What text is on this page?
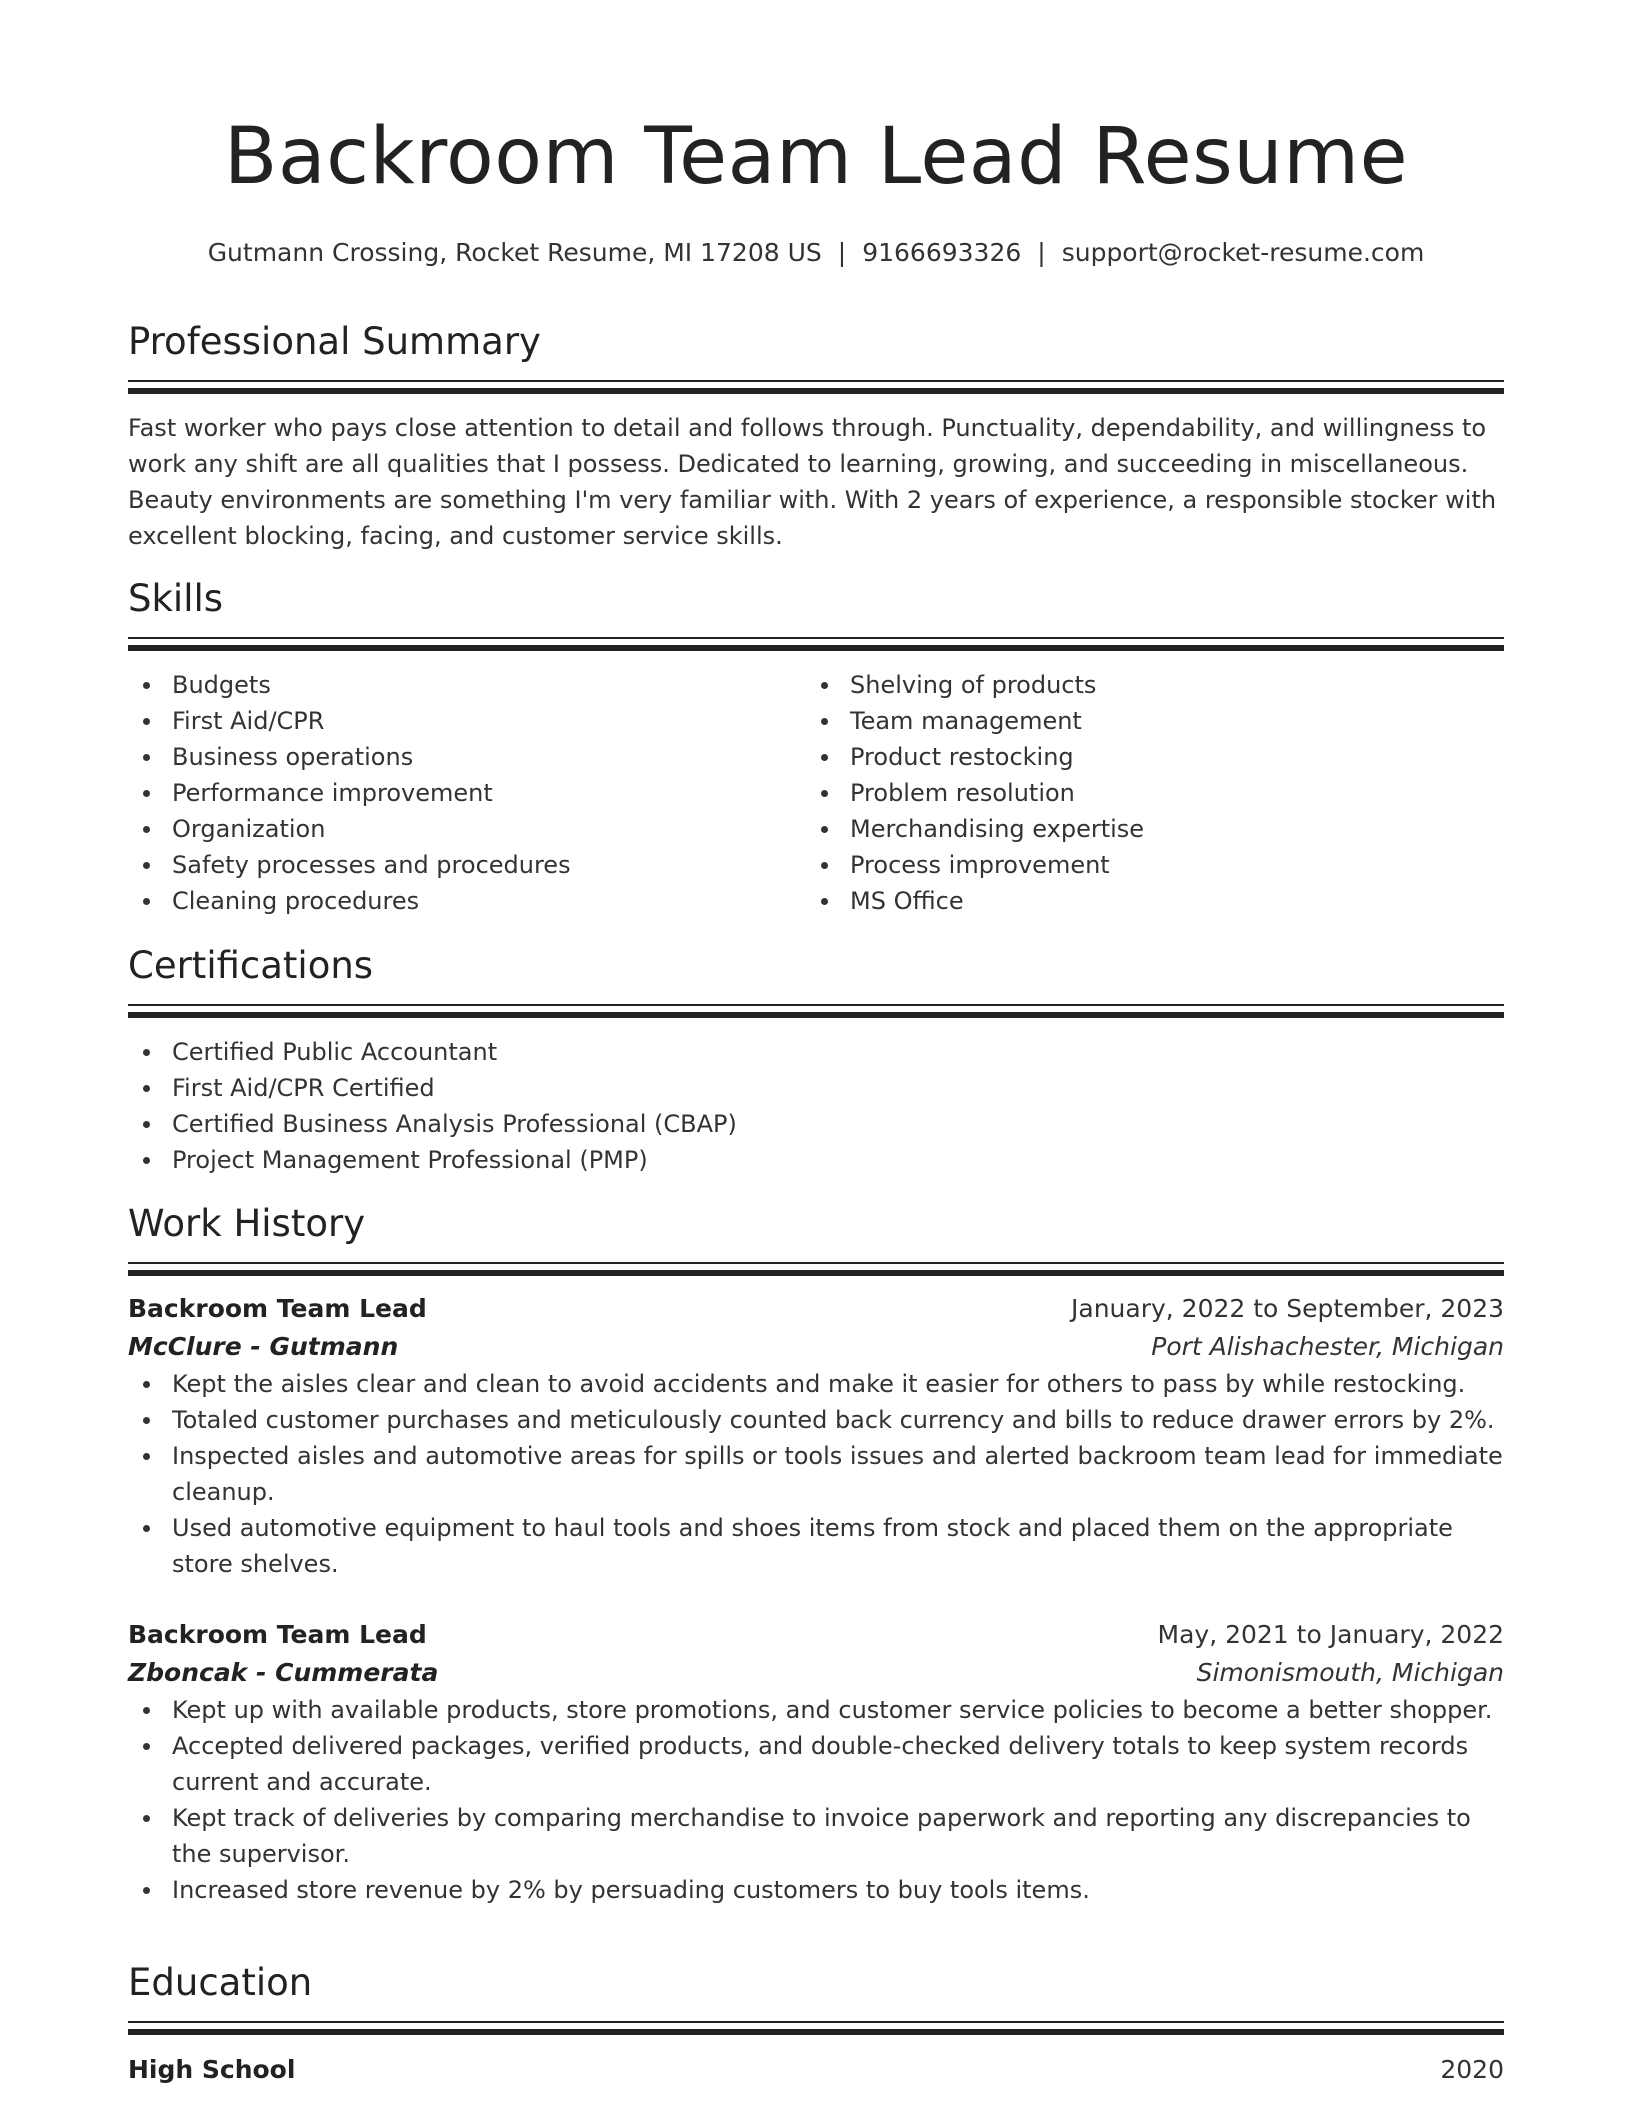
Backroom Team Lead Resume
Gutmann Crossing, Rocket Resume, MI 17208 US | 9166693326 | support@rocket-resume.com
Professional Summary

Fast worker who pays close attention to detail and follows through. Punctuality, dependability, and willingness to work any shift are all qualities that I possess. Dedicated to learning, growing, and succeeding in miscellaneous. Beauty environments are something I'm very familiar with. With 2 years of experience, a responsible stocker with excellent blocking, facing, and customer service skills.

Skills
Budgets
First Aid/CPR
Business operations
Performance improvement
Organization
Safety processes and procedures
Cleaning procedures
Shelving of products
Team management
Product restocking
Problem resolution
Merchandising expertise
Process improvement
MS Office
Certifications
Certified Public Accountant
First Aid/CPR Certified
Certified Business Analysis Professional (CBAP)
Project Management Professional (PMP)
Work History
Backroom Team Lead	January, 2022 to September, 2023
McClure - Gutmann	Port Alishachester, Michigan
Kept the aisles clear and clean to avoid accidents and make it easier for others to pass by while restocking.
Totaled customer purchases and meticulously counted back currency and bills to reduce drawer errors by 2%.
Inspected aisles and automotive areas for spills or tools issues and alerted backroom team lead for immediate cleanup.
Used automotive equipment to haul tools and shoes items from stock and placed them on the appropriate store shelves.
Backroom Team Lead	May, 2021 to January, 2022
Zboncak - Cummerata	Simonismouth, Michigan
Kept up with available products, store promotions, and customer service policies to become a better shopper.
Accepted delivered packages, verified products, and double-checked delivery totals to keep system records current and accurate.
Kept track of deliveries by comparing merchandise to invoice paperwork and reporting any discrepancies to the supervisor.
Increased store revenue by 2% by persuading customers to buy tools items.
Education
High School	2020
